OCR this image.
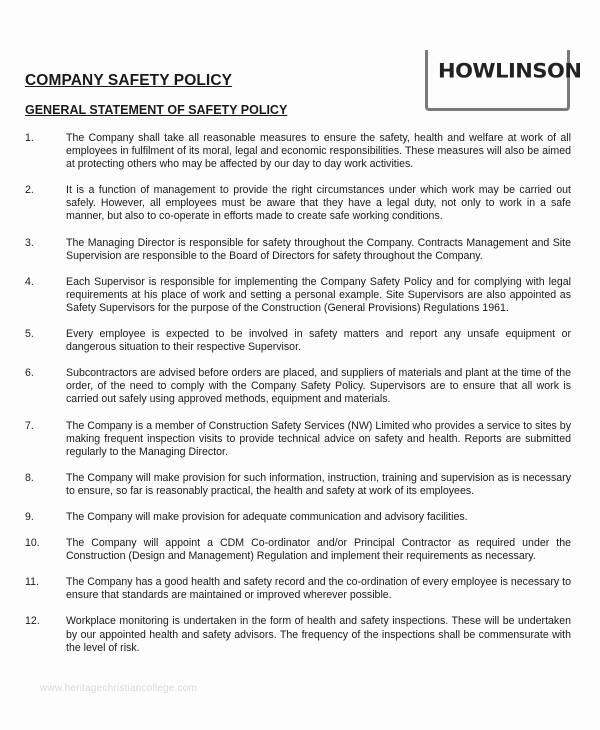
HOWLINSON
COMPANY SAFETY POLICY
GENERAL STATEMENT OF SAFETY POLICY
1.	The Company shall take all reasonable measures to ensure the safety, health and welfare at work of all employees in fulfilment of its moral, legal and economic responsibilities. These measures will also be aimed at protecting others who may be affected by our day to day work activities.
2.	It is a function of management to provide the right circumstances under which work may be carried out safely. However, all employees must be aware that they have a legal duty, not only to work in a safe manner, but also to co-operate in efforts made to create safe working conditions.
3.	The Managing Director is responsible for safety throughout the Company. Contracts Management and Site Supervision are responsible to the Board of Directors for safety throughout the Company.
4.	Each Supervisor is responsible for implementing the Company Safety Policy and for complying with legal requirements at his place of work and setting a personal example. Site Supervisors are also appointed as Safety Supervisors for the purpose of the Construction (General Provisions) Regulations 1961.
5.	Every employee is expected to be involved in safety matters and report any unsafe equipment or dangerous situation to their respective Supervisor.
6.	Subcontractors are advised before orders are placed, and suppliers of materials and plant at the time of the order, of the need to comply with the Company Safety Policy. Supervisors are to ensure that all work is carried out safely using approved methods, equipment and materials.
7.	The Company is a member of Construction Safety Services (NW) Limited who provides a service to sites by making frequent inspection visits to provide technical advice on safety and health. Reports are submitted regularly to the Managing Director.
8.	The Company will make provision for such information, instruction, training and supervision as is necessary to ensure, so far is reasonably practical, the health and safety at work of its employees.
9.	The Company will make provision for adequate communication and advisory facilities.
10.	The Company will appoint a CDM Co-ordinator and/or Principal Contractor as required under the Construction (Design and Management) Regulation and implement their requirements as necessary.
11.	The Company has a good health and safety record and the co-ordination of every employee is necessary to ensure that standards are maintained or improved wherever possible.
12.	Workplace monitoring is undertaken in the form of health and safety inspections. These will be undertaken by our appointed health and safety advisors. The frequency of the inspections shall be commensurate with the level of risk.
www.heritagechristiancollege.com
